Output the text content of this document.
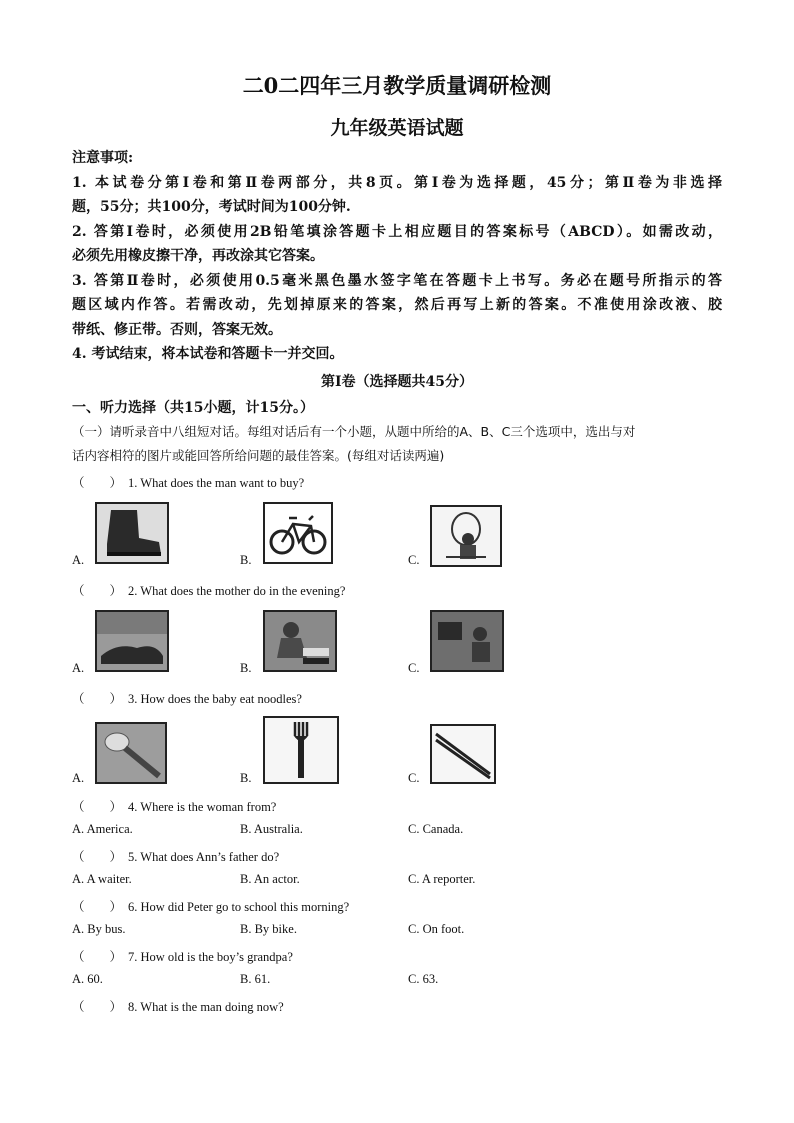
二0二四年三月教学质量调研检测
九年级英语试题
注意事项:
1. 本试卷分第Ⅰ卷和第Ⅱ卷两部分，共8页。第Ⅰ卷为选择题，45分；第Ⅱ卷为非选择
题，55分；共100分，考试时间为100分钟.
2. 答第Ⅰ卷时，必须使用2B铅笔填涂答题卡上相应题目的答案标号（ABCD）。如需改动，
必须先用橡皮擦干净，再改涂其它答案。
3. 答第Ⅱ卷时，必须使用0.5毫米黑色墨水签字笔在答题卡上书写。务必在题号所指示的答
题区域内作答。若需改动，先划掉原来的答案，然后再写上新的答案。不准使用涂改液、胶
带纸、修正带。否则，答案无效。
4. 考试结束，将本试卷和答题卡一并交回。
第Ⅰ卷（选择题共45分）
一、听力选择（共15小题，计15分。）
（一）请听录音中八组短对话。每组对话后有一个小题，从题中所给的A、B、C三个选项中，选出与对
话内容相符的图片或能回答所给问题的最佳答案。(每组对话读两遍)
（　　） 1. What does the man want to buy?
A.	B.	C.
（　　） 2. What does the mother do in the evening?
A.	B.	C.
（　　） 3. How does the baby eat noodles?
A.	B.	C.
（　　） 4. Where is the woman from?
A. America.	B. Australia.	C. Canada.
（　　） 5. What does Ann’s father do?
A. A waiter.	B. An actor.	C. A reporter.
（　　） 6. How did Peter go to school this morning?
A. By bus.	B. By bike.	C. On foot.
（　　） 7. How old is the boy’s grandpa?
A. 60.	B. 61.	C. 63.
（　　） 8. What is the man doing now?
